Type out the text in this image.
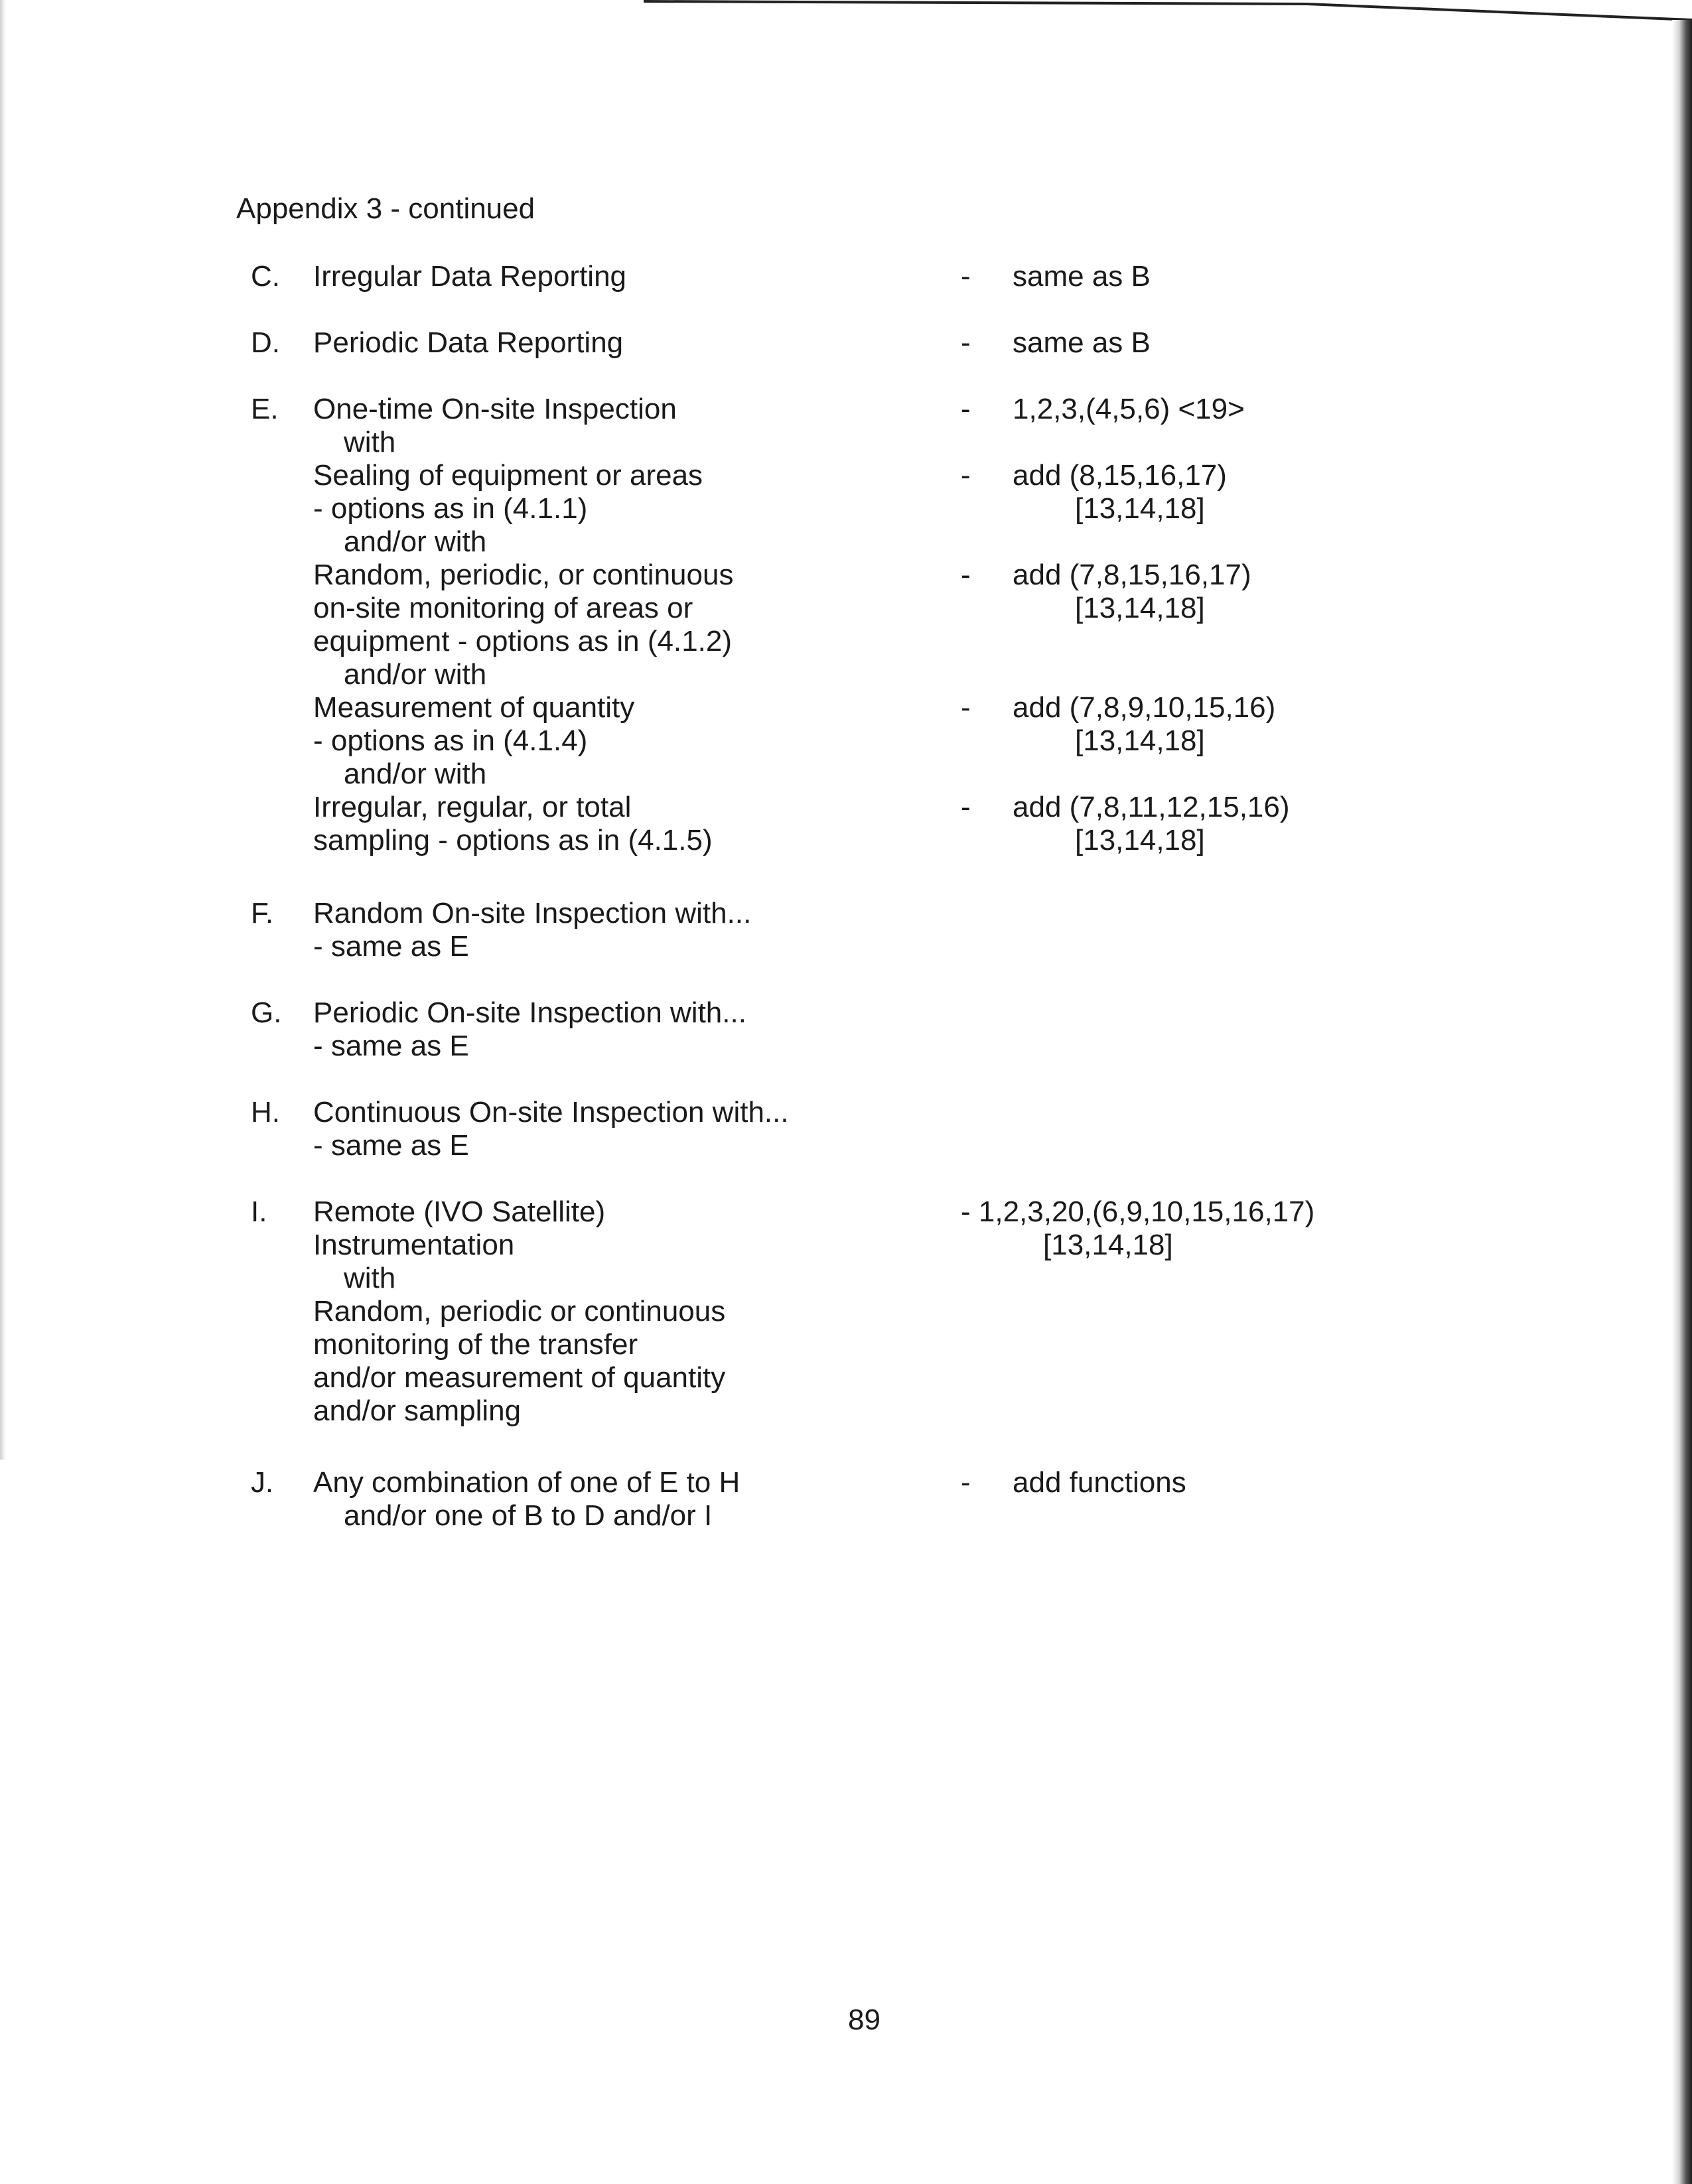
Appendix 3 - continued
C. Irregular Data Reporting	- same as B
D. Periodic Data Reporting	- same as B
E. One-time On-site Inspection
with
- 1,2,3,(4,5,6) <19>
Sealing of equipment or areas
- options as in (4.1.1)
and/or with
- add (8,15,16,17)
[13,14,18]
Random, periodic, or continuous
on-site monitoring of areas or
equipment - options as in (4.1.2)
and/or with
- add (7,8,15,16,17)
[13,14,18]
Measurement of quantity
- options as in (4.1.4)
and/or with
- add (7,8,9,10,15,16)
[13,14,18]
Irregular, regular, or total
sampling - options as in (4.1.5)
- add (7,8,11,12,15,16)
[13,14,18]
F. Random On-site Inspection with...
- same as E
G. Periodic On-site Inspection with...
- same as E
H. Continuous On-site Inspection with...
- same as E
I. Remote (IVO Satellite)
Instrumentation
with
Random, periodic or continuous
monitoring of the transfer
and/or measurement of quantity
and/or sampling
- 1,2,3,20,(6,9,10,15,16,17)
[13,14,18]
J. Any combination of one of E to H
and/or one of B to D and/or I
- add functions
89
